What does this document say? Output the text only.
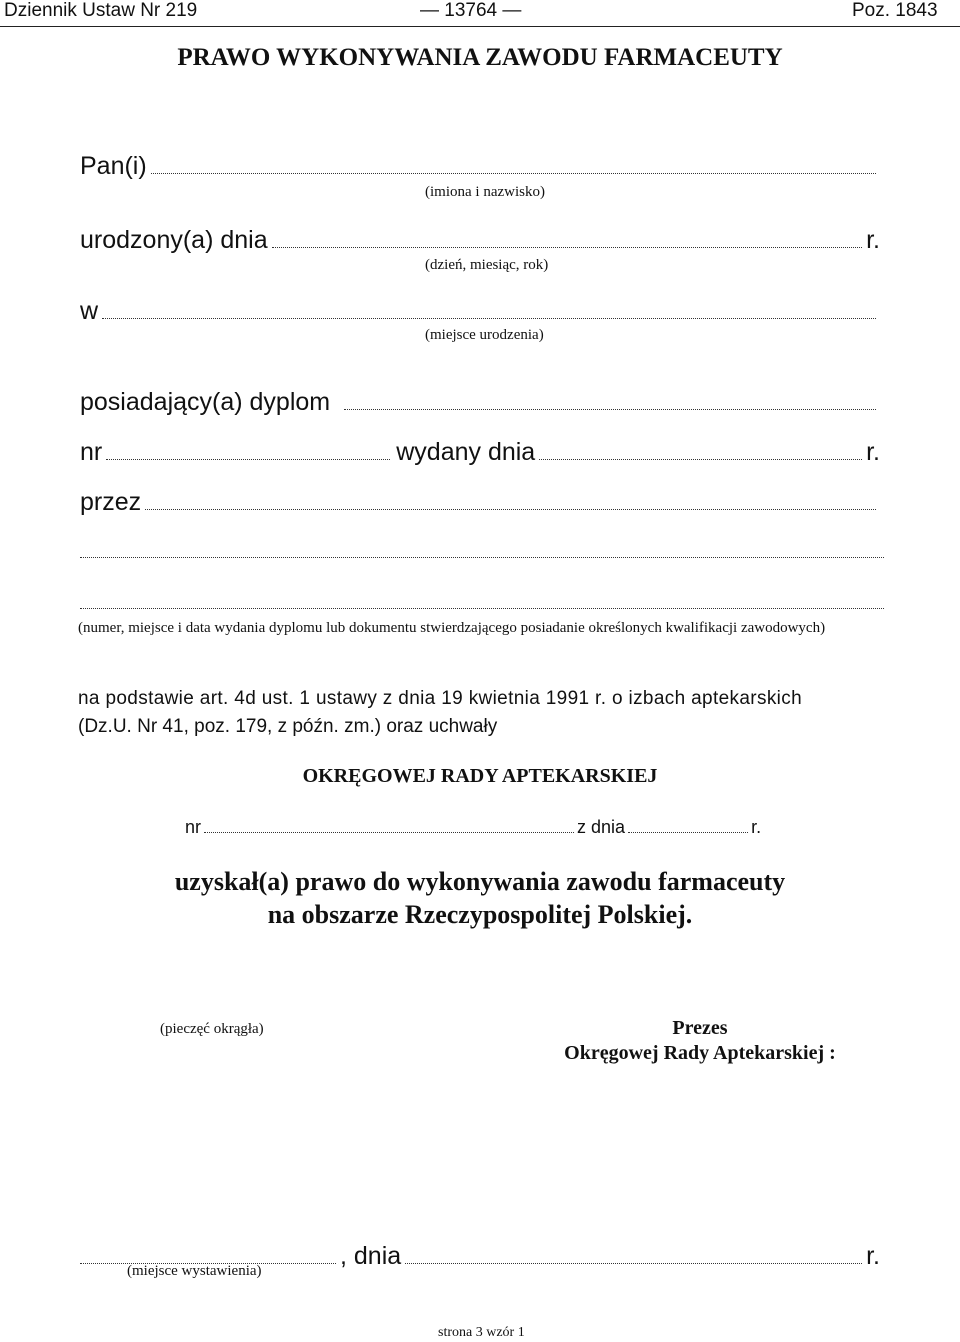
Dziennik Ustaw Nr 219	— 13764 —	Poz. 1843
PRAWO WYKONYWANIA ZAWODU FARMACEUTY
Pan(i)
(imiona i nazwisko)
urodzony(a) dnia	r.
(dzień, miesiąc, rok)
w
(miejsce urodzenia)
posiadający(a) dyplom
nr	wydany dnia	r.
przez
(numer, miejsce i data wydania dyplomu lub dokumentu stwierdzającego posiadanie określonych kwalifikacji zawodowych)
na podstawie art. 4d ust. 1 ustawy z dnia 19 kwietnia 1991 r. o izbach aptekarskich
(Dz.U. Nr 41, poz. 179, z późn. zm.) oraz uchwały
OKRĘGOWEJ RADY APTEKARSKIEJ
nr	z dnia	r.
uzyskał(a) prawo do wykonywania zawodu farmaceuty
na obszarze Rzeczypospolitej Polskiej.
(pieczęć okrągła)	Prezes
Okręgowej Rady Aptekarskiej :
, dnia	r.
(miejsce wystawienia)
strona 3 wzór 1
